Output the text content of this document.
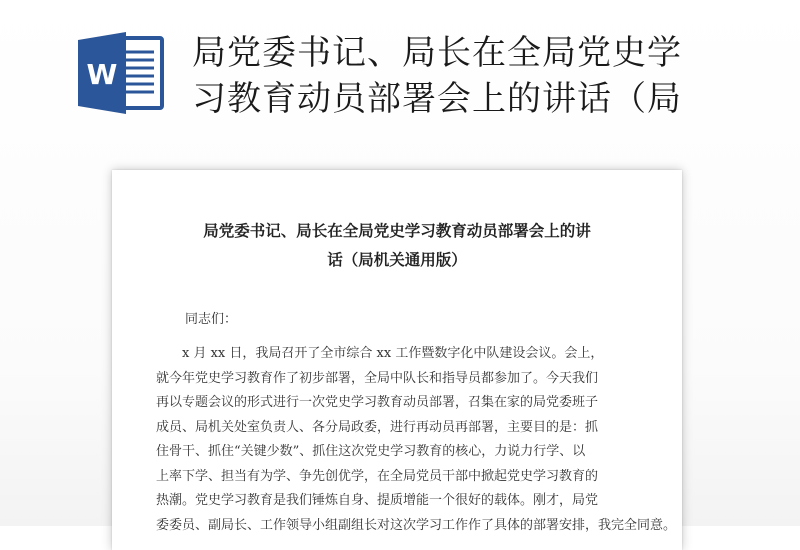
W
局党委书记、局长在全局党史学
习教育动员部署会上的讲话（局
局党委书记、局长在全局党史学习教育动员部署会上的讲
话（局机关通用版）
同志们：
x 月 xx 日，我局召开了全市综合 xx 工作暨数字化中队建设会议。会上，
就今年党史学习教育作了初步部署，全局中队长和指导员都参加了。今天我们
再以专题会议的形式进行一次党史学习教育动员部署，召集在家的局党委班子
成员、局机关处室负责人、各分局政委，进行再动员再部署，主要目的是：抓
住骨干、抓住“关键少数”、抓住这次党史学习教育的核心，力说力行学、以
上率下学、担当有为学、争先创优学，在全局党员干部中掀起党史学习教育的
热潮。党史学习教育是我们锤炼自身、提质增能一个很好的载体。刚才，局党
委委员、副局长、工作领导小组副组长对这次学习工作作了具体的部署安排，我完全同意。
